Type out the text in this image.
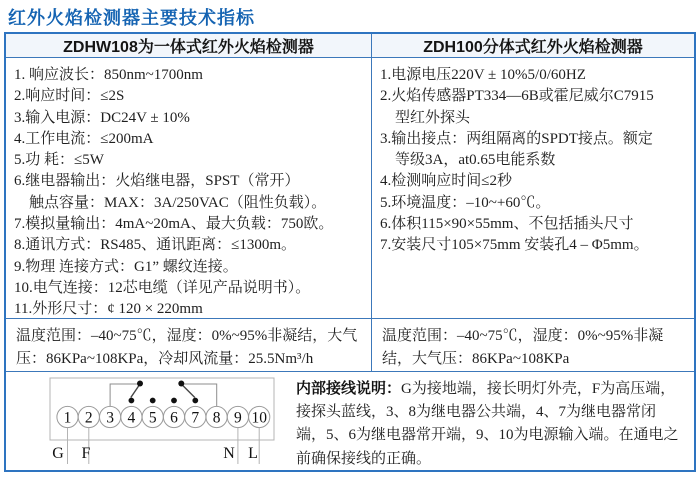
红外火焰检测器主要技术指标
ZDHW108为一体式红外火焰检测器	ZDH100分体式红外火焰检测器
1. 响应波长：850nm~1700nm
2.响应时间：≤2S
3.输入电源：DC24V ± 10%
4.工作电流：≤200mA
5.功 耗：≤5W
6.继电器输出：火焰继电器，SPST（常开）
　触点容量：MAX：3A/250VAC（阻性负载）。
7.模拟量输出：4mA~20mA、最大负载：750欧。
8.通讯方式：RS485、通讯距离：≤1300m。
9.物理 连接方式：G1” 螺纹连接。
10.电气连接：12芯电缆（详见产品说明书）。
11.外形尺寸：¢ 120 × 220mm
1.电源电压220V ± 10%5/0/60HZ
2.火焰传感器PT334—6B或霍尼威尔C7915
　型红外探头
3.输出接点：两组隔离的SPDT接点。额定
　等级3A，at0.65电能系数
4.检测响应时间≤2秒
5.环境温度：–10~+60℃。
6.体积115×90×55mm、不包括插头尺寸
7.安装尺寸105×75mm 安装孔4 – Φ5mm。
温度范围：–40~75℃，湿度：0%~95%非凝结，大气压：86KPa~108KPa，冷却风流量：25.5Nm³/h
温度范围：–40~75℃，湿度：0%~95%非凝结，大气压：86KPa~108KPa
1 2 3 4 5 6 7 8 9 10
G F	N L
内部接线说明：G为接地端，接长明灯外壳，F为高压端，接探头蓝线，3、8为继电器公共端，4、7为继电器常闭端，5、6为继电器常开端，9、10为电源输入端。在通电之前确保接线的正确。
